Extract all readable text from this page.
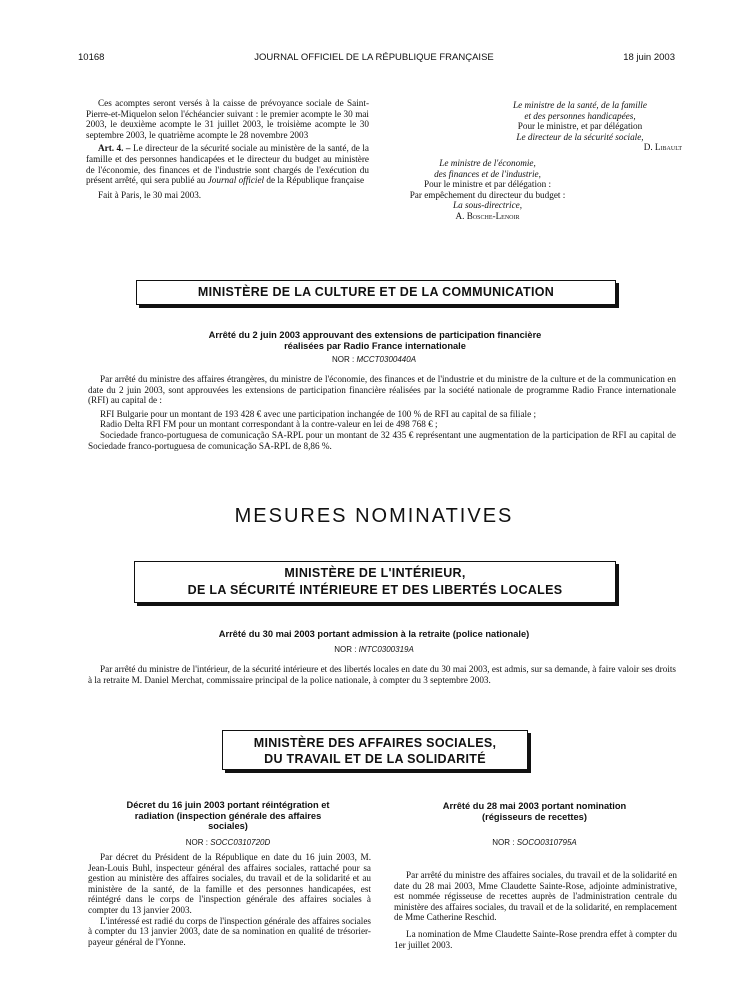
10168	JOURNAL OFFICIEL DE LA RÉPUBLIQUE FRANÇAISE	18 juin 2003

Ces acomptes seront versés à la caisse de prévoyance sociale de Saint-Pierre-et-Miquelon selon l'échéancier suivant : le premier acompte le 30 mai 2003, le deuxième acompte le 31 juillet 2003, le troisième acompte le 30 septembre 2003, le quatrième acompte le 28 novembre 2003

Art. 4. – Le directeur de la sécurité sociale au ministère de la santé, de la famille et des personnes handicapées et le directeur du budget au ministère de l'économie, des finances et de l'industrie sont chargés de l'exécution du présent arrêté, qui sera publié au Journal officiel de la République française

Fait à Paris, le 30 mai 2003.

Le ministre de la santé, de la famille
et des personnes handicapées,
Pour le ministre, et par délégation
Le directeur de la sécurité sociale,
D. Libault
Le ministre de l'économie,
des finances et de l'industrie,
Pour le ministre et par délégation :
Par empêchement du directeur du budget :
La sous-directrice,
A. Bosche-Lenoir
MINISTÈRE DE LA CULTURE ET DE LA COMMUNICATION
Arrêté du 2 juin 2003 approuvant des extensions de participation financière
réalisées par Radio France internationale
NOR : MCCT0300440A

Par arrêté du ministre des affaires étrangères, du ministre de l'économie, des finances et de l'industrie et du ministre de la culture et de la communication en date du 2 juin 2003, sont approuvées les extensions de participation financière réalisées par la société nationale de programme Radio France internationale (RFI) au capital de :

RFI Bulgarie pour un montant de 193 428 € avec une participation inchangée de 100 % de RFI au capital de sa filiale ;

Radio Delta RFI FM pour un montant correspondant à la contre-valeur en lei de 498 768 € ;

Sociedade franco-portuguesa de comunicação SA-RPL pour un montant de 32 435 € représentant une augmentation de la participation de RFI au capital de Sociedade franco-portuguesa de comunicação SA-RPL de 8,86 %.

MESURES NOMINATIVES
MINISTÈRE DE L'INTÉRIEUR,
DE LA SÉCURITÉ INTÉRIEURE ET DES LIBERTÉS LOCALES
Arrêté du 30 mai 2003 portant admission à la retraite (police nationale)
NOR : INTC0300319A

Par arrêté du ministre de l'intérieur, de la sécurité intérieure et des libertés locales en date du 30 mai 2003, est admis, sur sa demande, à faire valoir ses droits à la retraite M. Daniel Merchat, commissaire principal de la police nationale, à compter du 3 septembre 2003.

MINISTÈRE DES AFFAIRES SOCIALES,
DU TRAVAIL ET DE LA SOLIDARITÉ
Décret du 16 juin 2003 portant réintégration et
radiation (inspection générale des affaires
sociales)
NOR : SOCC0310720D

Par décret du Président de la République en date du 16 juin 2003, M. Jean-Louis Buhl, inspecteur général des affaires sociales, rattaché pour sa gestion au ministère des affaires sociales, du travail et de la solidarité et au ministère de la santé, de la famille et des personnes handicapées, est réintégré dans le corps de l'inspection générale des affaires sociales à compter du 13 janvier 2003.

L'intéressé est radié du corps de l'inspection générale des affaires sociales à compter du 13 janvier 2003, date de sa nomination en qualité de trésorier-payeur général de l'Yonne.

Arrêté du 28 mai 2003 portant nomination
(régisseurs de recettes)
NOR : SOCO0310795A

Par arrêté du ministre des affaires sociales, du travail et de la solidarité en date du 28 mai 2003, Mme Claudette Sainte-Rose, adjointe administrative, est nommée régisseuse de recettes auprès de l'administration centrale du ministère des affaires sociales, du travail et de la solidarité, en remplacement de Mme Catherine Reschid.

La nomination de Mme Claudette Sainte-Rose prendra effet à compter du 1er juillet 2003.
